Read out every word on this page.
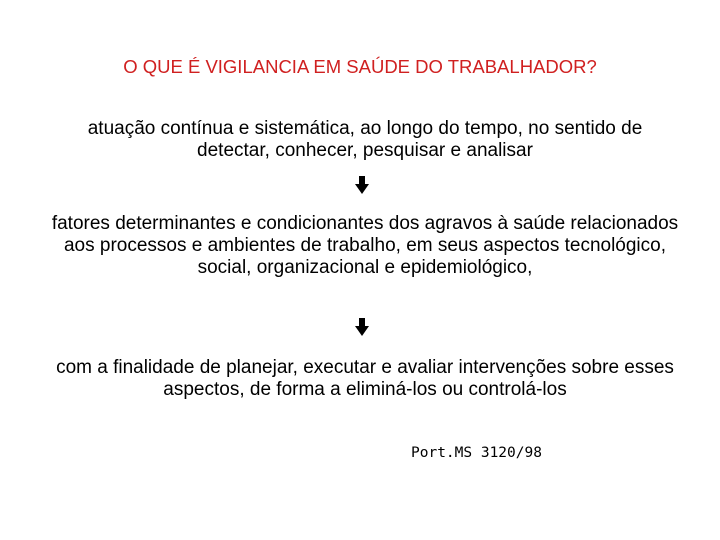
O QUE É VIGILANCIA EM SAÚDE DO TRABALHADOR?
atuação contínua e sistemática, ao longo do tempo, no sentido de detectar, conhecer, pesquisar e analisar
fatores determinantes e condicionantes dos agravos à saúde relacionados aos processos e ambientes de trabalho, em seus aspectos tecnológico, social, organizacional e epidemiológico,
com a finalidade de planejar, executar e avaliar intervenções sobre esses aspectos, de forma a eliminá-los ou controlá-los
Port.MS 3120/98
